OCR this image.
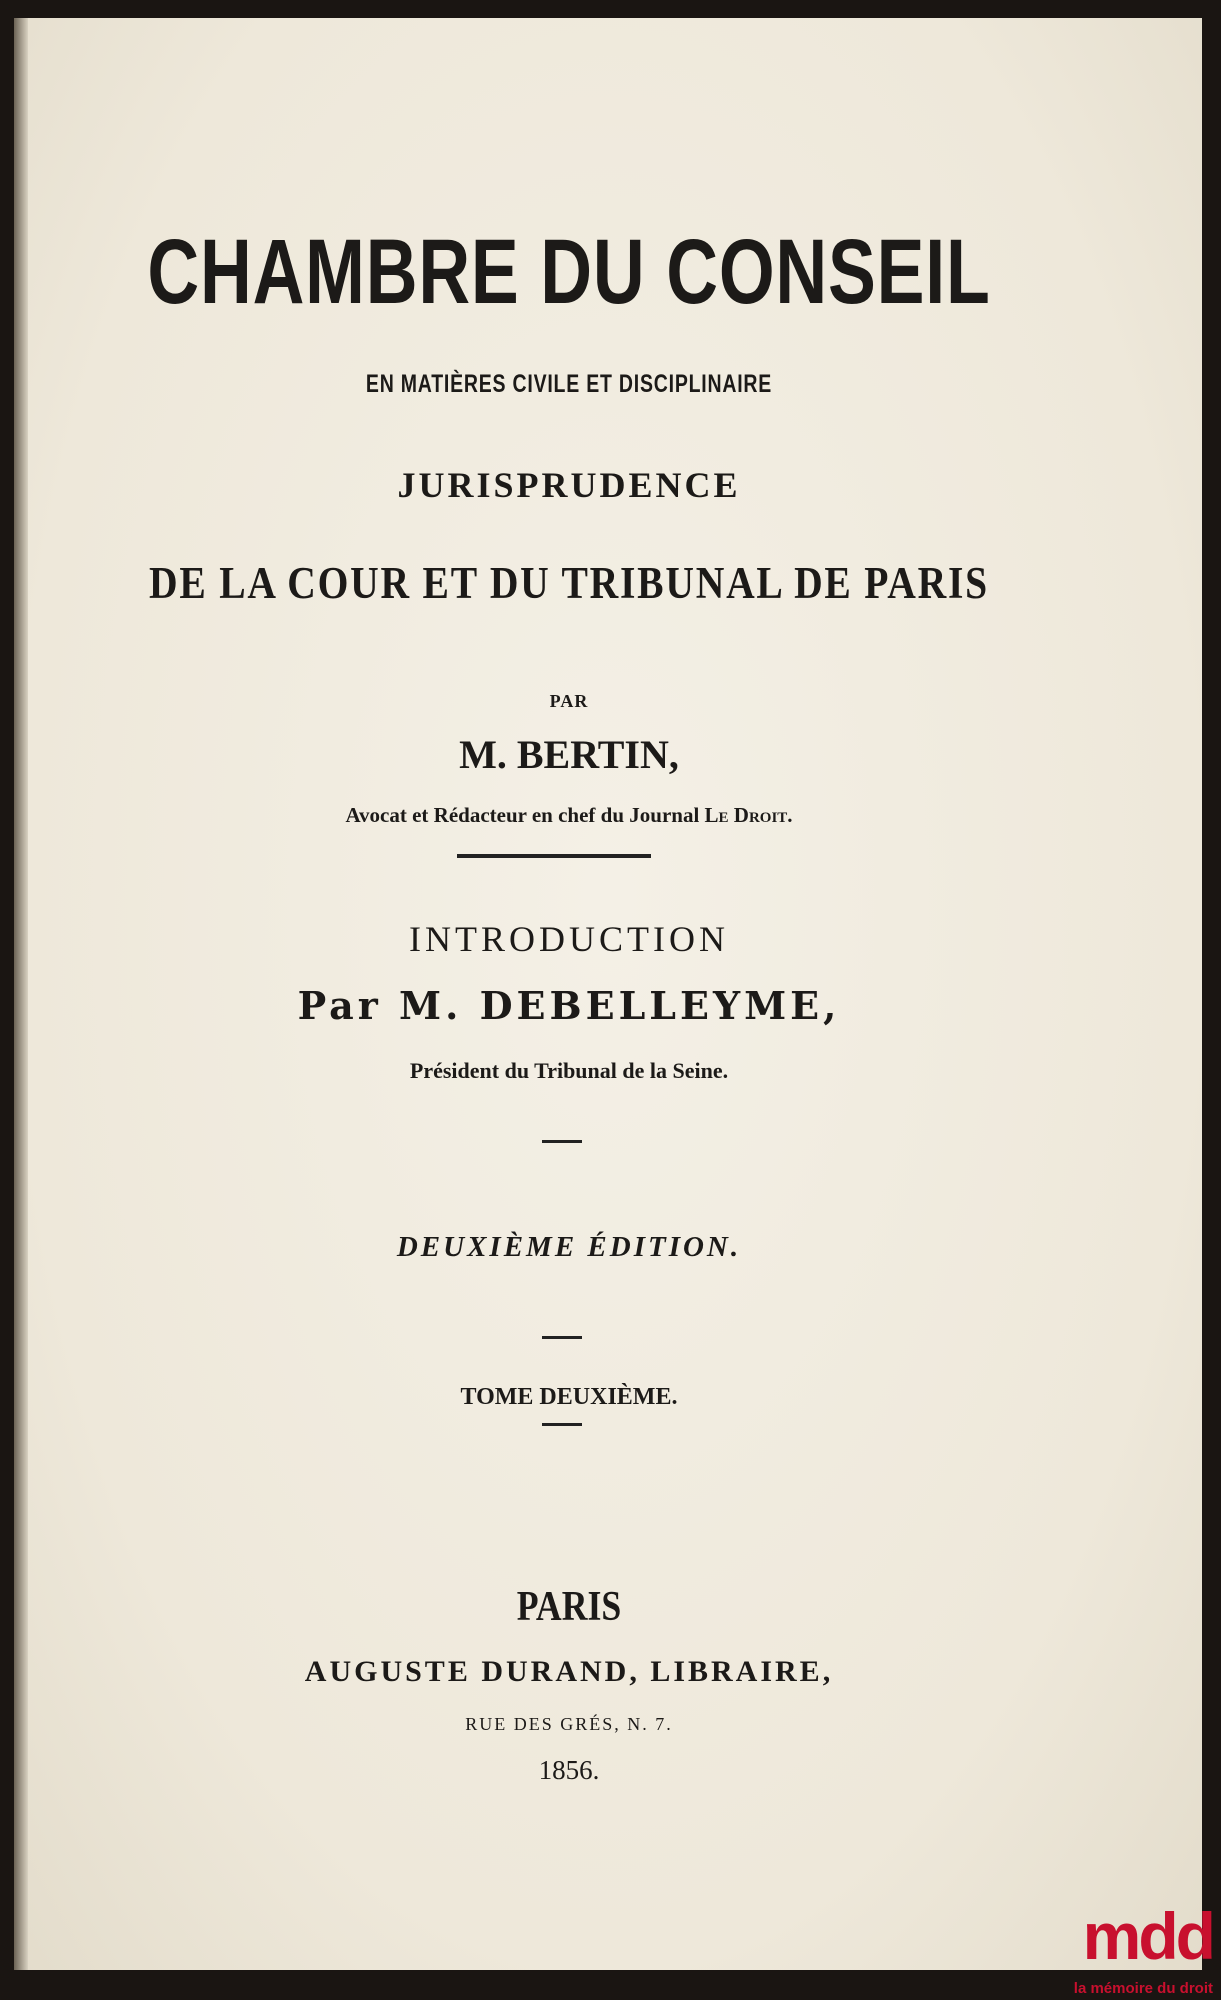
CHAMBRE DU CONSEIL
EN MATIÈRES CIVILE ET DISCIPLINAIRE
JURISPRUDENCE
DE LA COUR ET DU TRIBUNAL DE PARIS
PAR
M. BERTIN,
Avocat et Rédacteur en chef du Journal Le Droit.
INTRODUCTION
Par M. DEBELLEYME,
Président du Tribunal de la Seine.
DEUXIÈME ÉDITION.
TOME DEUXIÈME.
PARIS
AUGUSTE DURAND, LIBRAIRE,
RUE DES GRÉS, N. 7.
1856.
mdd
la mémoire du droit
